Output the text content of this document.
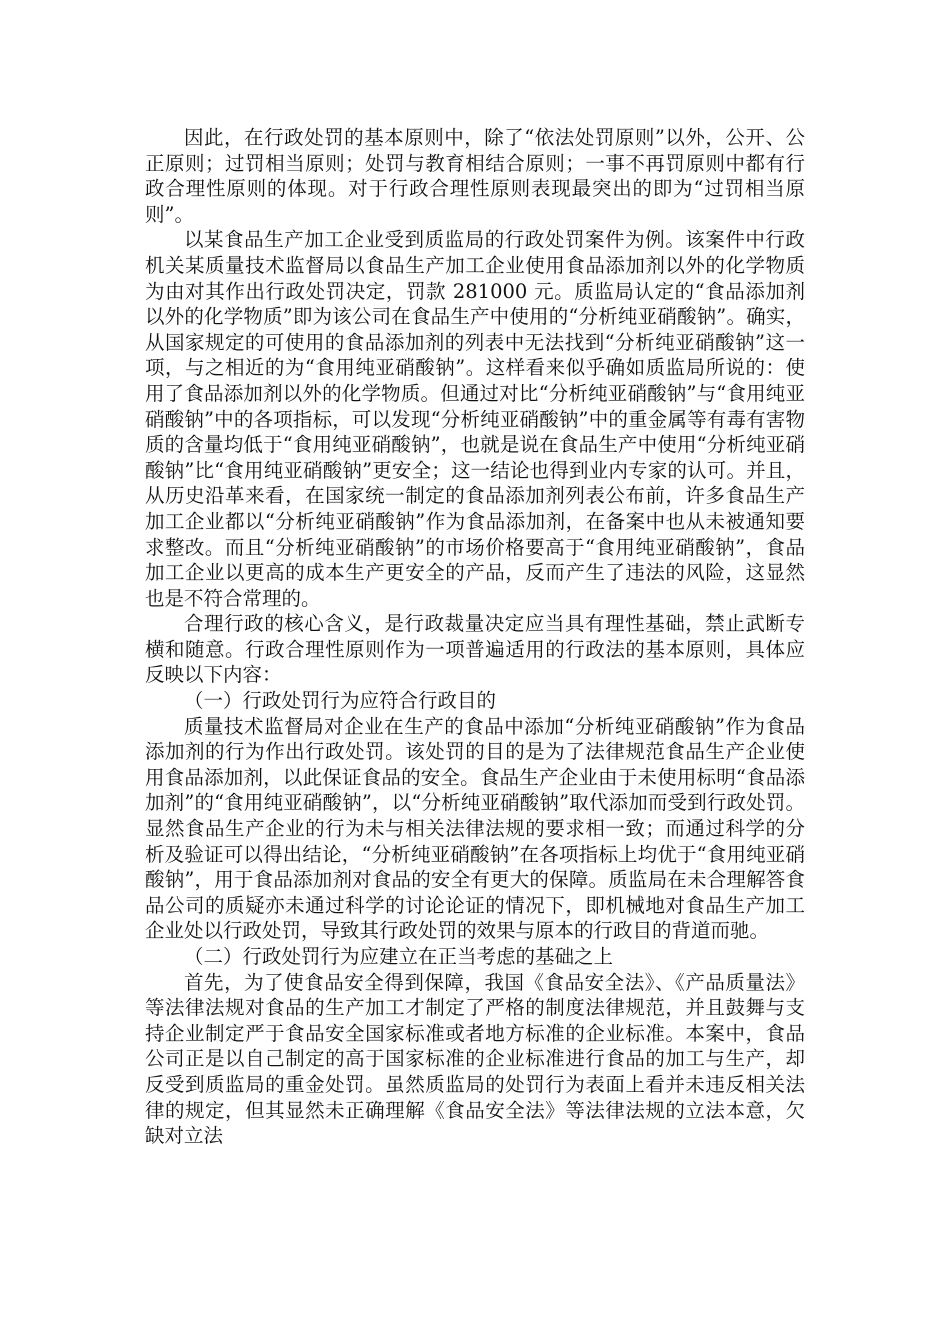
因此，在行政处罚的基本原则中，除了“依法处罚原则”以外，公开、公正原则；过罚相当原则；处罚与教育相结合原则；一事不再罚原则中都有行政合理性原则的体现。对于行政合理性原则表现最突出的即为“过罚相当原则”。

以某食品生产加工企业受到质监局的行政处罚案件为例。该案件中行政机关某质量技术监督局以食品生产加工企业使用食品添加剂以外的化学物质为由对其作出行政处罚决定，罚款 281000 元。质监局认定的“食品添加剂以外的化学物质”即为该公司在食品生产中使用的“分析纯亚硝酸钠”。确实，从国家规定的可使用的食品添加剂的列表中无法找到“分析纯亚硝酸钠”这一项，与之相近的为“食用纯亚硝酸钠”。这样看来似乎确如质监局所说的：使用了食品添加剂以外的化学物质。但通过对比“分析纯亚硝酸钠”与“食用纯亚硝酸钠”中的各项指标，可以发现“分析纯亚硝酸钠”中的重金属等有毒有害物质的含量均低于“食用纯亚硝酸钠”，也就是说在食品生产中使用“分析纯亚硝酸钠”比“食用纯亚硝酸钠”更安全；这一结论也得到业内专家的认可。并且，从历史沿革来看，在国家统一制定的食品添加剂列表公布前，许多食品生产加工企业都以“分析纯亚硝酸钠”作为食品添加剂，在备案中也从未被通知要求整改。而且“分析纯亚硝酸钠”的市场价格要高于“食用纯亚硝酸钠”，食品加工企业以更高的成本生产更安全的产品，反而产生了违法的风险，这显然也是不符合常理的。

合理行政的核心含义，是行政裁量决定应当具有理性基础，禁止武断专横和随意。行政合理性原则作为一项普遍适用的行政法的基本原则，具体应反映以下内容：

（一）行政处罚行为应符合行政目的

质量技术监督局对企业在生产的食品中添加“分析纯亚硝酸钠”作为食品添加剂的行为作出行政处罚。该处罚的目的是为了法律规范食品生产企业使用食品添加剂，以此保证食品的安全。食品生产企业由于未使用标明“食品添加剂”的“食用纯亚硝酸钠”，以“分析纯亚硝酸钠”取代添加而受到行政处罚。显然食品生产企业的行为未与相关法律法规的要求相一致；而通过科学的分析及验证可以得出结论，“分析纯亚硝酸钠”在各项指标上均优于“食用纯亚硝酸钠”，用于食品添加剂对食品的安全有更大的保障。质监局在未合理解答食品公司的质疑亦未通过科学的讨论论证的情况下，即机械地对食品生产加工企业处以行政处罚，导致其行政处罚的效果与原本的行政目的背道而驰。

（二）行政处罚行为应建立在正当考虑的基础之上

首先，为了使食品安全得到保障，我国《食品安全法》、《产品质量法》等法律法规对食品的生产加工才制定了严格的制度法律规范，并且鼓舞与支持企业制定严于食品安全国家标准或者地方标准的企业标准。本案中，食品公司正是以自己制定的高于国家标准的企业标准进行食品的加工与生产，却反受到质监局的重金处罚。虽然质监局的处罚行为表面上看并未违反相关法律的规定，但其显然未正确理解《食品安全法》等法律法规的立法本意，欠缺对立法
